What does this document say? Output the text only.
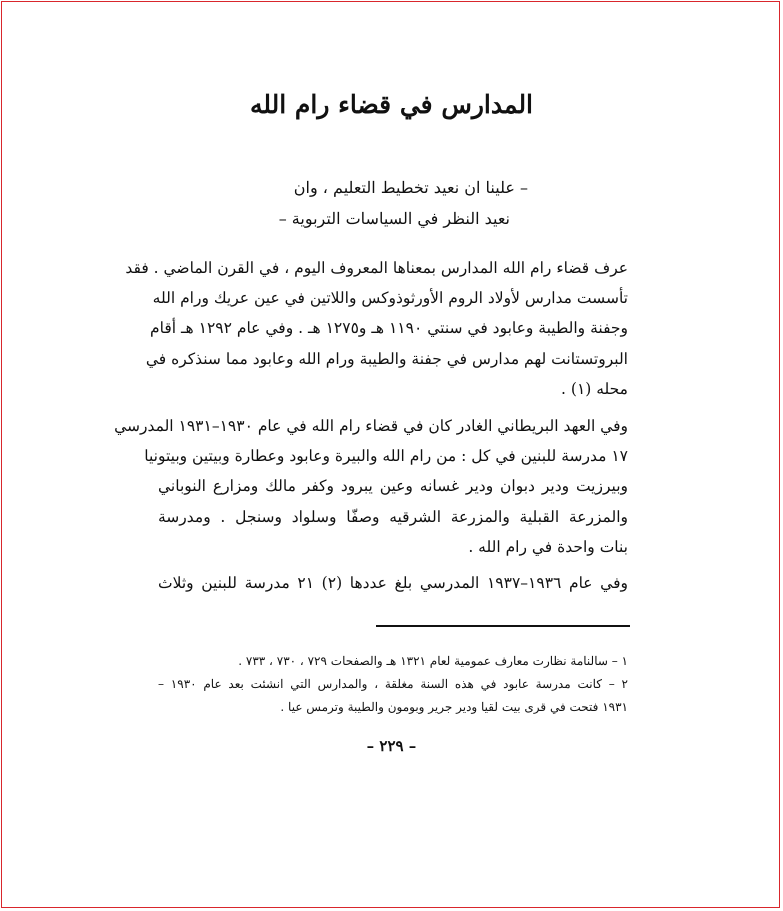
المدارس في قضاء رام الله
– علينا ان نعيد تخطيط التعليم ، وان
نعيد النظر في السياسات التربوية –
عرف قضاء رام الله المدارس بمعناها المعروف اليوم ، في القرن الماضي . فقد
تأسست مدارس لأولاد الروم الأورثوذوكس واللاتين في عين عريك ورام الله
وجفنة والطيبة وعابود في سنتي ١١٩٠ هـ و١٢٧٥ هـ . وفي عام ١٢٩٢ هـ أقام
البروتستانت لهم مدارس في جفنة والطيبة ورام الله وعابود مما سنذكره في
محله (١) .
وفي العهد البريطاني الغادر كان في قضاء رام الله في عام ١٩٣٠–١٩٣١ المدرسي
١٧ مدرسة للبنين في كل : من رام الله والبيرة وعابود وعطارة وبيتين وبيتونيا
وبيرزيت ودير دبوان ودير غسانه وعين يبرود وكفر مالك ومزارع النوباني
والمزرعة القبلية والمزرعة الشرقيه وصفّا وسلواد وسنجل . ومدرسة
بنات واحدة في رام الله .
وفي عام ١٩٣٦–١٩٣٧ المدرسي بلغ عددها (٢) ٢١ مدرسة للبنين وثلاث
١ – سالنامة نظارت معارف عمومية لعام ١٣٢١ هـ والصفحات ٧٢٩ ، ٧٣٠ ، ٧٣٣ .
٢ – كانت مدرسة عابود في هذه السنة مغلقة ، والمدارس التي انشئت بعد عام ١٩٣٠ –
١٩٣١ فتحت في قرى بيت لقيا ودير جرير وبومون والطيبة وترمس عيا .
– ٢٢٩ –
